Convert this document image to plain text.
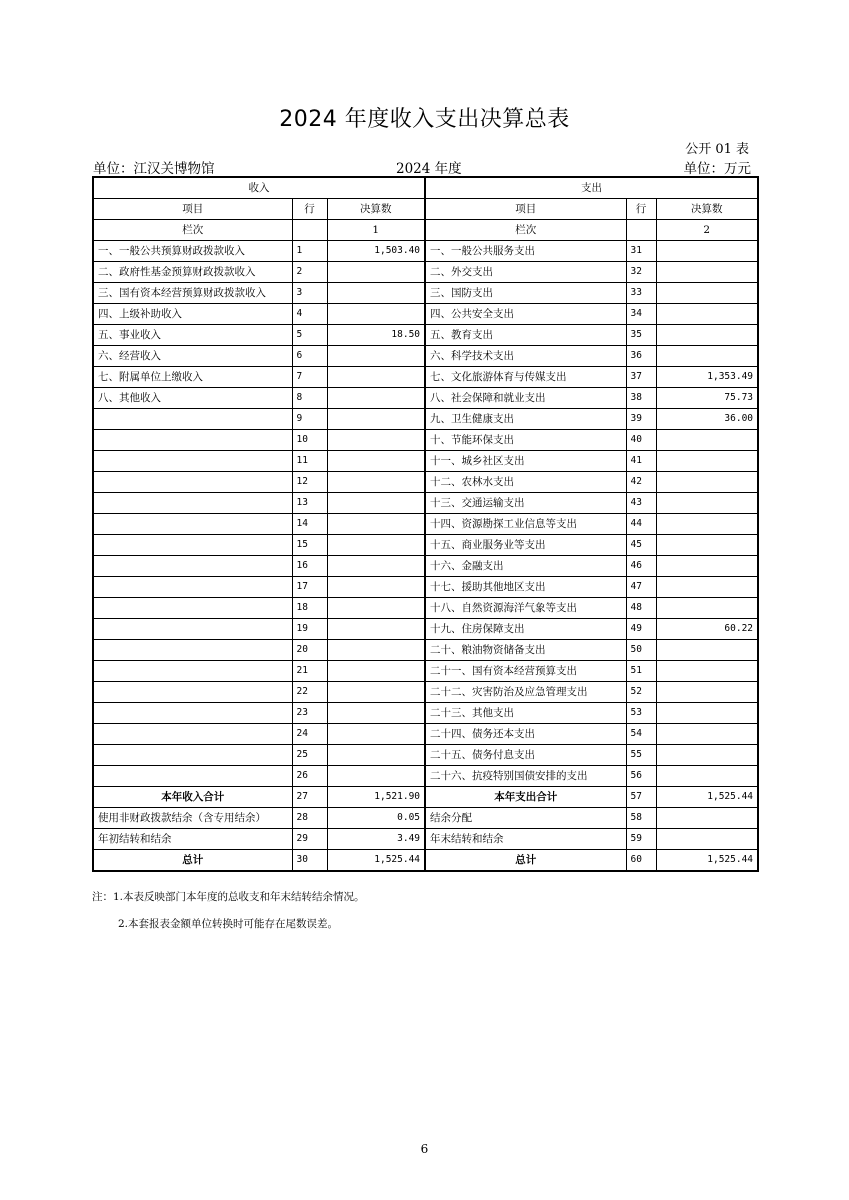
2024 年度收入支出决算总表
公开 01 表
单位：江汉关博物馆	2024 年度	单位：万元
收入			支出		
项目	行	决算数	项目	行	决算数
栏次		1	栏次		2
一、一般公共预算财政拨款收入	1	1,503.40	一、一般公共服务支出	31	
二、政府性基金预算财政拨款收入	2		二、外交支出	32	
三、国有资本经营预算财政拨款收入	3		三、国防支出	33	
四、上级补助收入	4		四、公共安全支出	34	
五、事业收入	5	18.50	五、教育支出	35	
六、经营收入	6		六、科学技术支出	36	
七、附属单位上缴收入	7		七、文化旅游体育与传媒支出	37	1,353.49
八、其他收入	8		八、社会保障和就业支出	38	75.73
	9		九、卫生健康支出	39	36.00
	10		十、节能环保支出	40	
	11		十一、城乡社区支出	41	
	12		十二、农林水支出	42	
	13		十三、交通运输支出	43	
	14		十四、资源勘探工业信息等支出	44	
	15		十五、商业服务业等支出	45	
	16		十六、金融支出	46	
	17		十七、援助其他地区支出	47	
	18		十八、自然资源海洋气象等支出	48	
	19		十九、住房保障支出	49	60.22
	20		二十、粮油物资储备支出	50	
	21		二十一、国有资本经营预算支出	51	
	22		二十二、灾害防治及应急管理支出	52	
	23		二十三、其他支出	53	
	24		二十四、债务还本支出	54	
	25		二十五、债务付息支出	55	
	26		二十六、抗疫特别国债安排的支出	56	
本年收入合计	27	1,521.90	本年支出合计	57	1,525.44
使用非财政拨款结余（含专用结余）	28	0.05	结余分配	58	
年初结转和结余	29	3.49	年末结转和结余	59	
总计	30	1,525.44	总计	60	1,525.44
注：1.本表反映部门本年度的总收支和年末结转结余情况。
2.本套报表金额单位转换时可能存在尾数误差。
6
